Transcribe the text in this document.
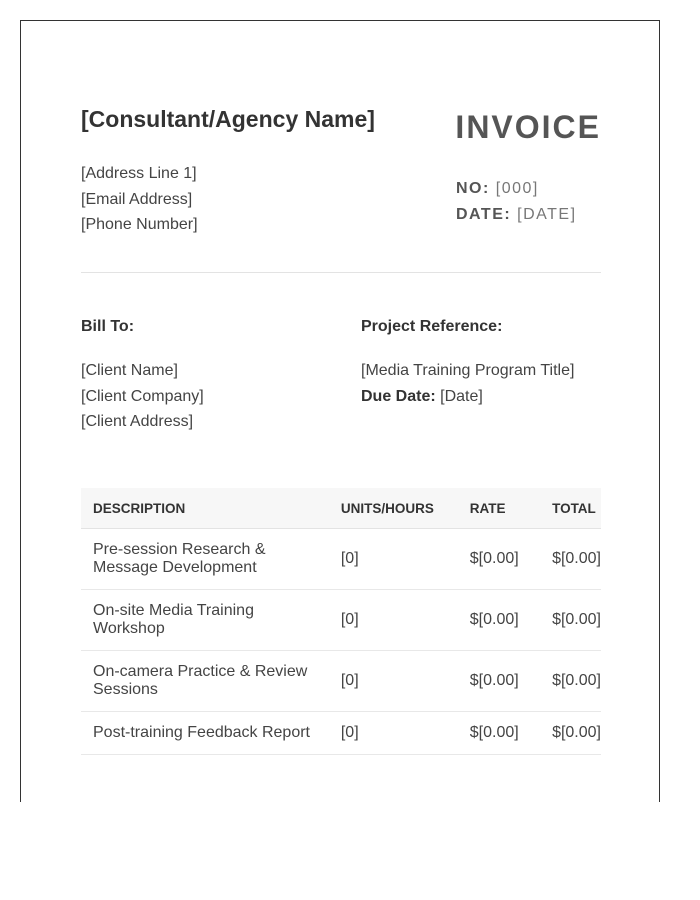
[Consultant/Agency Name]
[Address Line 1]
[Email Address]
[Phone Number]
INVOICE
NO: [000]
DATE: [DATE]
Bill To:
[Client Name]
[Client Company]
[Client Address]
Project Reference:
[Media Training Program Title]
Due Date: [Date]
DESCRIPTION	UNITS/HOURS	RATE	TOTAL
Pre-session Research & Message Development	[0]	$[0.00]	$[0.00]
On-site Media Training Workshop	[0]	$[0.00]	$[0.00]
On-camera Practice & Review Sessions	[0]	$[0.00]	$[0.00]
Post-training Feedback Report	[0]	$[0.00]	$[0.00]
